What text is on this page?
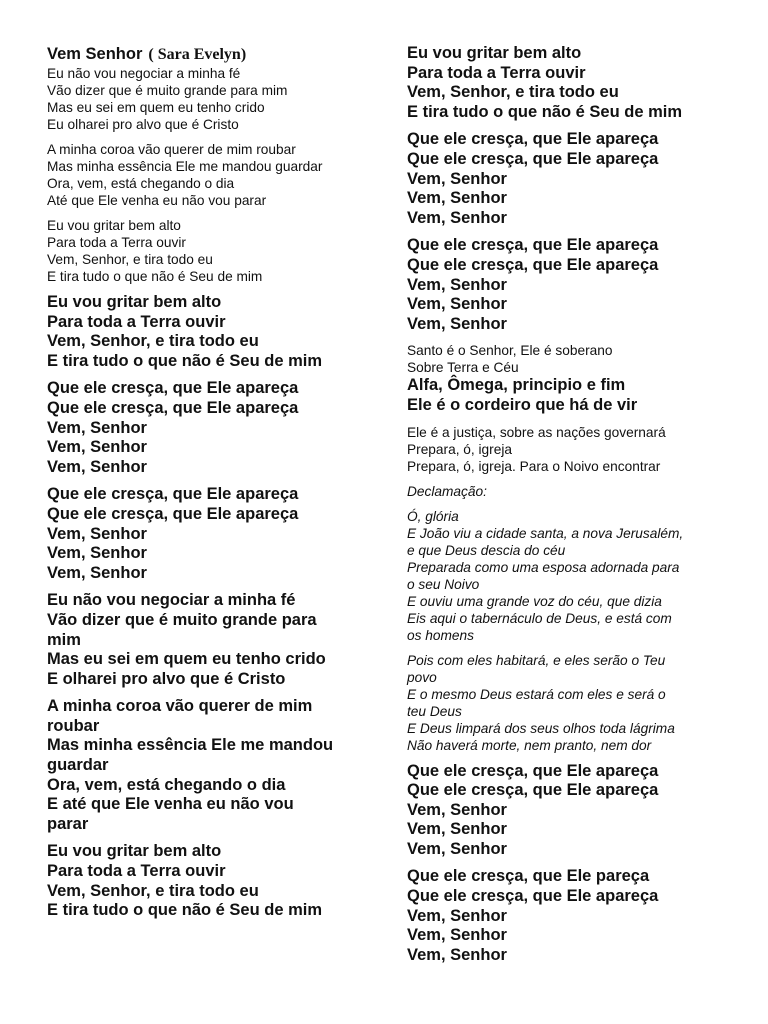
Vem Senhor ( Sara Evelyn)
Eu não vou negociar a minha fé
Vão dizer que é muito grande para mim
Mas eu sei em quem eu tenho crido
Eu olharei pro alvo que é Cristo
A minha coroa vão querer de mim roubar
Mas minha essência Ele me mandou guardar
Ora, vem, está chegando o dia
Até que Ele venha eu não vou parar
Eu vou gritar bem alto
Para toda a Terra ouvir
Vem, Senhor, e tira todo eu
E tira tudo o que não é Seu de mim
Eu vou gritar bem alto
Para toda a Terra ouvir
Vem, Senhor, e tira todo eu
E tira tudo o que não é Seu de mim
Que ele cresça, que Ele apareça
Que ele cresça, que Ele apareça
Vem, Senhor
Vem, Senhor
Vem, Senhor
Que ele cresça, que Ele apareça
Que ele cresça, que Ele apareça
Vem, Senhor
Vem, Senhor
Vem, Senhor
Eu não vou negociar a minha fé
Vão dizer que é muito grande para
mim
Mas eu sei em quem eu tenho crido
E olharei pro alvo que é Cristo
A minha coroa vão querer de mim
roubar
Mas minha essência Ele me mandou
guardar
Ora, vem, está chegando o dia
E até que Ele venha eu não vou
parar
Eu vou gritar bem alto
Para toda a Terra ouvir
Vem, Senhor, e tira todo eu
E tira tudo o que não é Seu de mim
Eu vou gritar bem alto
Para toda a Terra ouvir
Vem, Senhor, e tira todo eu
E tira tudo o que não é Seu de mim
Que ele cresça, que Ele apareça
Que ele cresça, que Ele apareça
Vem, Senhor
Vem, Senhor
Vem, Senhor
Que ele cresça, que Ele apareça
Que ele cresça, que Ele apareça
Vem, Senhor
Vem, Senhor
Vem, Senhor
Santo é o Senhor, Ele é soberano
Sobre Terra e Céu
Alfa, Ômega, principio e fim
Ele é o cordeiro que há de vir
Ele é a justiça, sobre as nações governará
Prepara, ó, igreja
Prepara, ó, igreja. Para o Noivo encontrar
Declamação:
Ó, glória
E João viu a cidade santa, a nova Jerusalém,
e que Deus descia do céu
Preparada como uma esposa adornada para
o seu Noivo
E ouviu uma grande voz do céu, que dizia
Eis aqui o tabernáculo de Deus, e está com
os homens
Pois com eles habitará, e eles serão o Teu
povo
E o mesmo Deus estará com eles e será o
teu Deus
E Deus limpará dos seus olhos toda lágrima
Não haverá morte, nem pranto, nem dor
Que ele cresça, que Ele apareça
Que ele cresça, que Ele apareça
Vem, Senhor
Vem, Senhor
Vem, Senhor
Que ele cresça, que Ele pareça
Que ele cresça, que Ele apareça
Vem, Senhor
Vem, Senhor
Vem, Senhor
